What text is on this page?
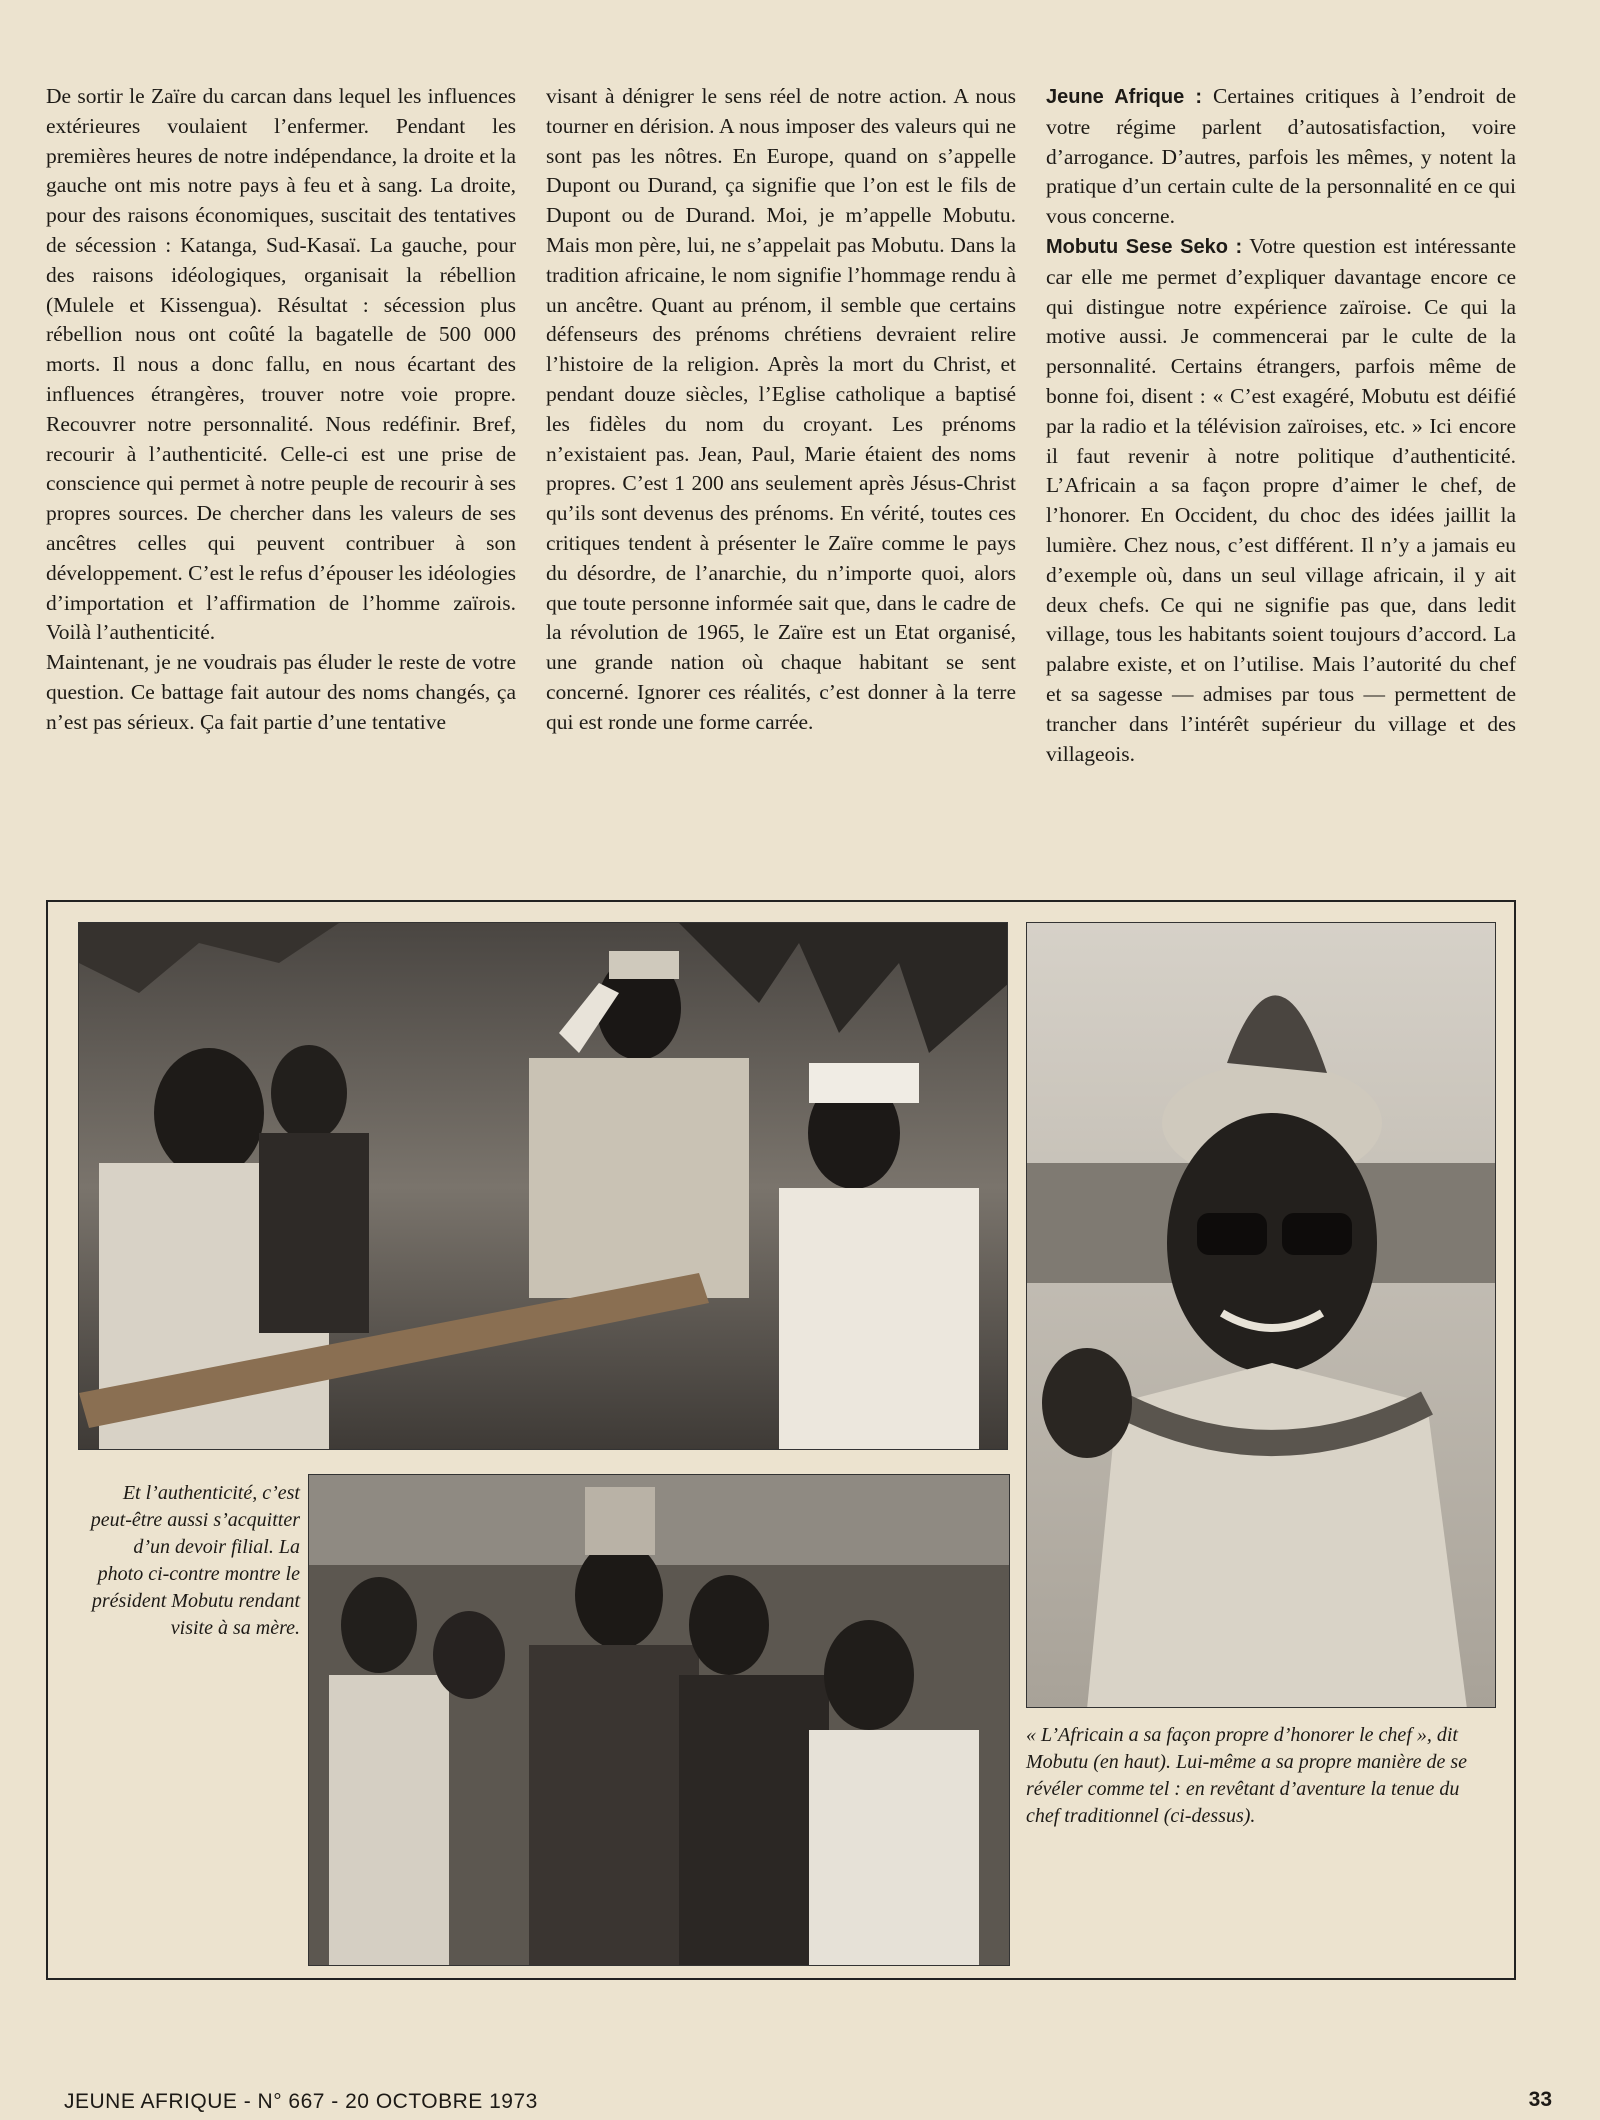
De sortir le Zaïre du carcan dans lequel les influences extérieures voulaient l’enfermer. Pendant les premières heures de notre indépendance, la droite et la gauche ont mis notre pays à feu et à sang. La droite, pour des raisons économiques, suscitait des tentatives de sécession : Katanga, Sud-Kasaï. La gauche, pour des raisons idéologiques, organisait la rébellion (Mulele et Kissengua). Résultat : sécession plus rébellion nous ont coûté la bagatelle de 500 000 morts. Il nous a donc fallu, en nous écartant des influences étrangères, trouver notre voie propre. Recouvrer notre personnalité. Nous redéfinir. Bref, recourir à l’authenticité. Celle-ci est une prise de conscience qui permet à notre peuple de recourir à ses propres sources. De chercher dans les valeurs de ses ancêtres celles qui peuvent contribuer à son développement. C’est le refus d’épouser les idéologies d’importation et l’affirmation de l’homme zaïrois. Voilà l’authenticité.

Maintenant, je ne voudrais pas éluder le reste de votre question. Ce battage fait autour des noms changés, ça n’est pas sérieux. Ça fait partie d’une tentative

visant à dénigrer le sens réel de notre action. A nous tourner en dérision. A nous imposer des valeurs qui ne sont pas les nôtres. En Europe, quand on s’appelle Dupont ou Durand, ça signifie que l’on est le fils de Dupont ou de Durand. Moi, je m’appelle Mobutu. Mais mon père, lui, ne s’appelait pas Mobutu. Dans la tradition africaine, le nom signifie l’hommage rendu à un ancêtre. Quant au prénom, il semble que certains défenseurs des prénoms chrétiens devraient relire l’histoire de la religion. Après la mort du Christ, et pendant douze siècles, l’Eglise catholique a baptisé les fidèles du nom du croyant. Les prénoms n’existaient pas. Jean, Paul, Marie étaient des noms propres. C’est 1 200 ans seulement après Jésus-Christ qu’ils sont devenus des prénoms. En vérité, toutes ces critiques tendent à présenter le Zaïre comme le pays du désordre, de l’anarchie, du n’importe quoi, alors que toute personne informée sait que, dans le cadre de la révolution de 1965, le Zaïre est un Etat organisé, une grande nation où chaque habitant se sent concerné. Ignorer ces réalités, c’est donner à la terre qui est ronde une forme carrée.

Jeune Afrique : Certaines critiques à l’endroit de votre régime parlent d’autosatisfaction, voire d’arrogance. D’autres, parfois les mêmes, y notent la pratique d’un certain culte de la personnalité en ce qui vous concerne.

Mobutu Sese Seko : Votre question est intéressante car elle me permet d’expliquer davantage encore ce qui distingue notre expérience zaïroise. Ce qui la motive aussi. Je commencerai par le culte de la personnalité. Certains étrangers, parfois même de bonne foi, disent : « C’est exagéré, Mobutu est déifié par la radio et la télévision zaïroises, etc. » Ici encore il faut revenir à notre politique d’authenticité. L’Africain a sa façon propre d’aimer le chef, de l’honorer. En Occident, du choc des idées jaillit la lumière. Chez nous, c’est différent. Il n’y a jamais eu d’exemple où, dans un seul village africain, il y ait deux chefs. Ce qui ne signifie pas que, dans ledit village, tous les habitants soient toujours d’accord. La palabre existe, et on l’utilise. Mais l’autorité du chef et sa sagesse — admises par tous — permettent de trancher dans l’intérêt supérieur du village et des villageois.

Et l’authenticité, c’est peut-être aussi s’acquitter d’un devoir filial. La photo ci-contre montre le président Mobutu rendant visite à sa mère.
« L’Africain a sa façon propre d’honorer le chef », dit Mobutu (en haut). Lui-même a sa propre manière de se révéler comme tel : en revêtant d’aventure la tenue du chef traditionnel (ci-dessus).
JEUNE AFRIQUE - N° 667 - 20 OCTOBRE 1973	33
